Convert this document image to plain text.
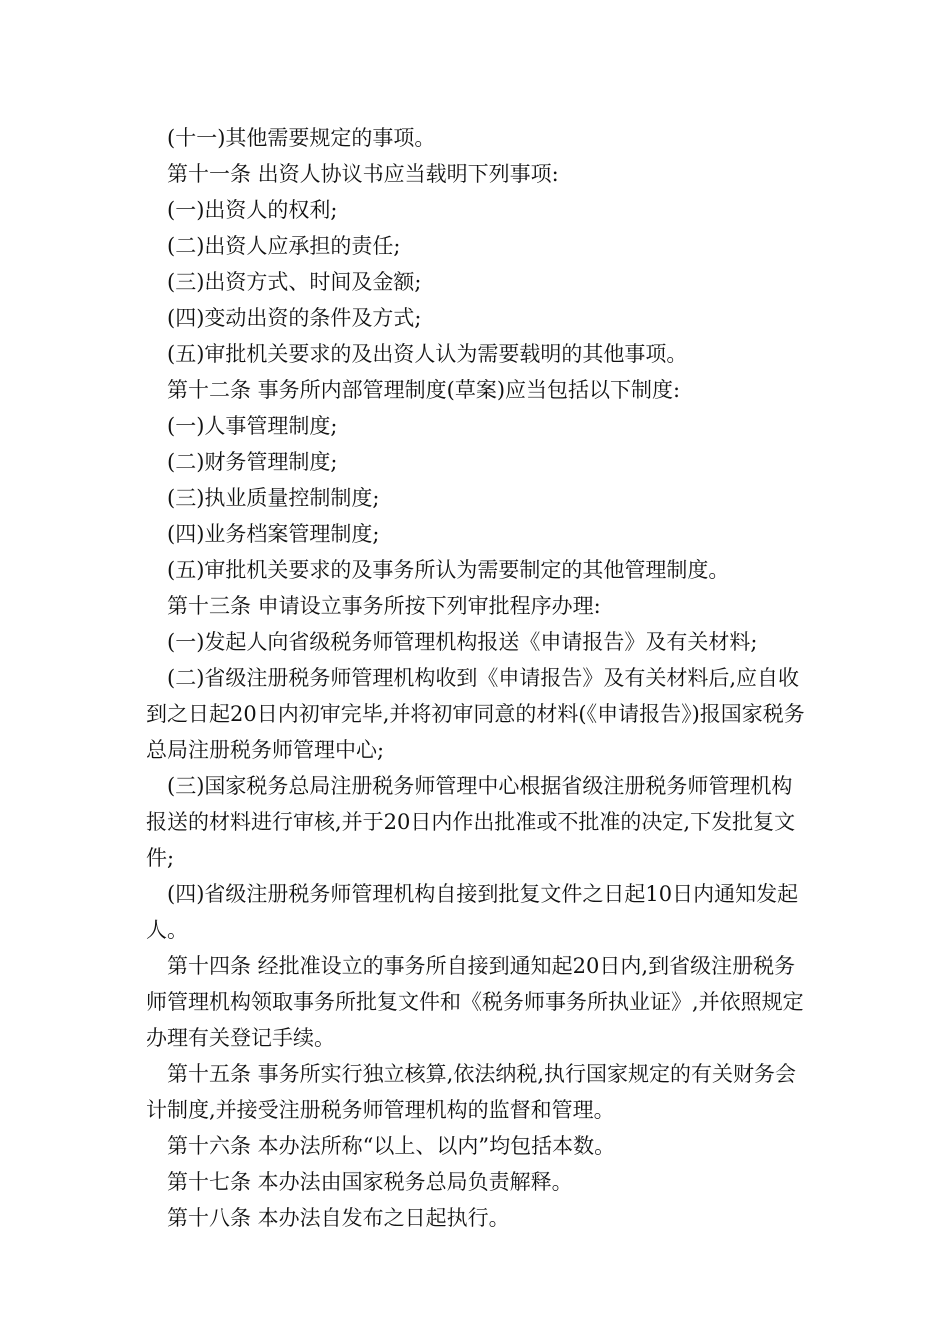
(十一)其他需要规定的事项。

第十一条 出资人协议书应当载明下列事项:

(一)出资人的权利;

(二)出资人应承担的责任;

(三)出资方式、时间及金额;

(四)变动出资的条件及方式;

(五)审批机关要求的及出资人认为需要载明的其他事项。

第十二条 事务所内部管理制度(草案)应当包括以下制度:

(一)人事管理制度;

(二)财务管理制度;

(三)执业质量控制制度;

(四)业务档案管理制度;

(五)审批机关要求的及事务所认为需要制定的其他管理制度。

第十三条 申请设立事务所按下列审批程序办理:

(一)发起人向省级税务师管理机构报送《申请报告》及有关材料;

(二)省级注册税务师管理机构收到《申请报告》及有关材料后,应自收到之日起20日内初审完毕,并将初审同意的材料(《申请报告》)报国家税务总局注册税务师管理中心;

(三)国家税务总局注册税务师管理中心根据省级注册税务师管理机构报送的材料进行审核,并于20日内作出批准或不批准的决定,下发批复文件;

(四)省级注册税务师管理机构自接到批复文件之日起10日内通知发起人。

第十四条 经批准设立的事务所自接到通知起20日内,到省级注册税务师管理机构领取事务所批复文件和《税务师事务所执业证》,并依照规定办理有关登记手续。

第十五条 事务所实行独立核算,依法纳税,执行国家规定的有关财务会计制度,并接受注册税务师管理机构的监督和管理。

第十六条 本办法所称“以上、以内”均包括本数。

第十七条 本办法由国家税务总局负责解释。

第十八条 本办法自发布之日起执行。
